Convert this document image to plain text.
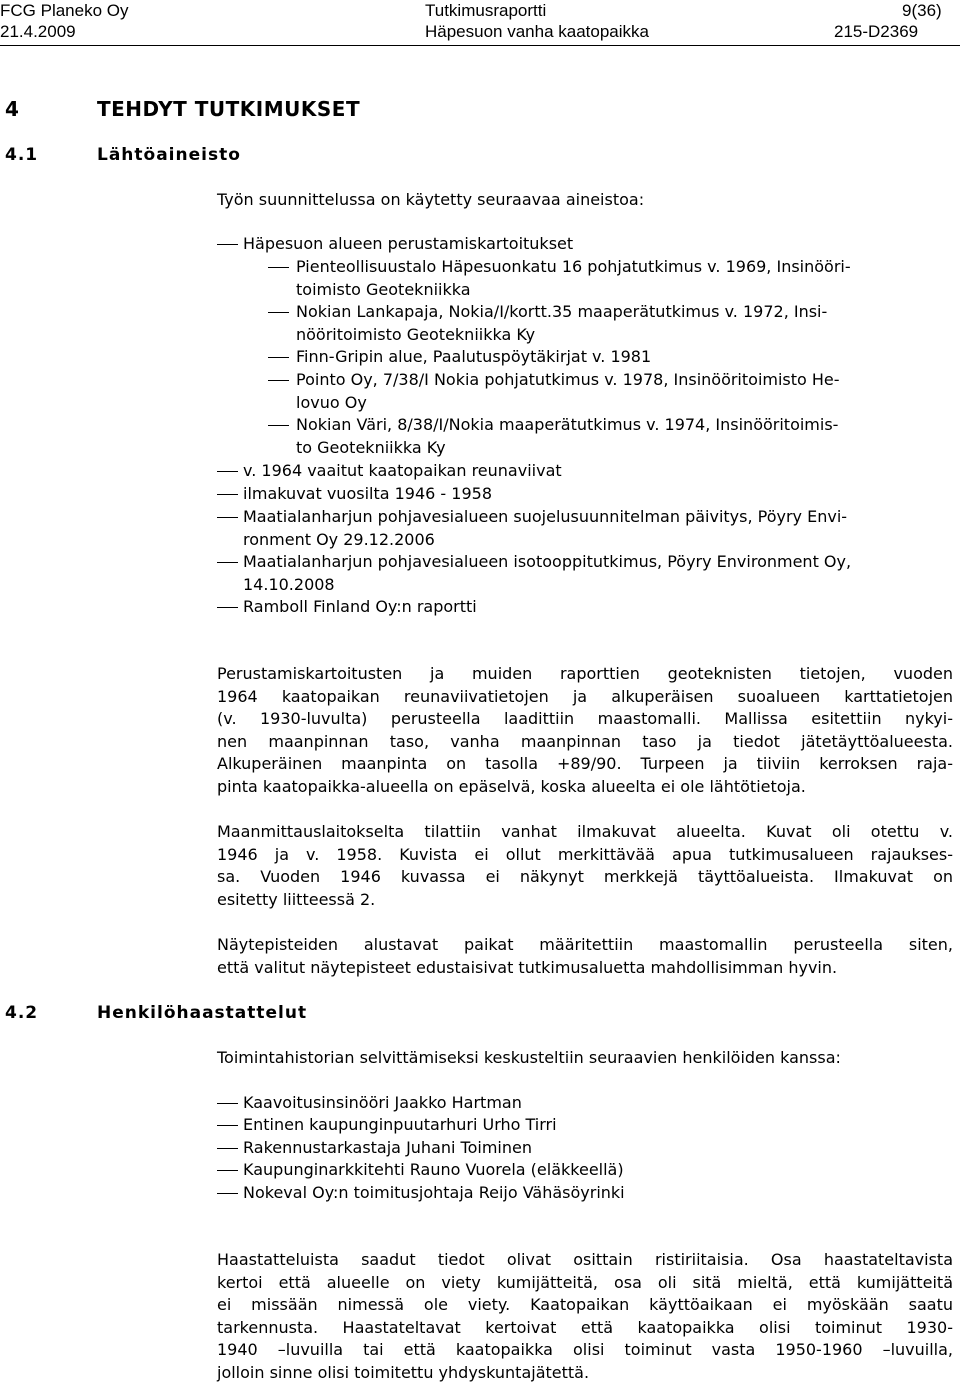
FCG Planeko Oy	Tutkimusraportti	9(36)
21.4.2009	Häpesuon vanha kaatopaikka	215-D2369
4	TEHDYT TUTKIMUKSET
4.1	Lähtöaineisto
Työn suunnittelussa on käytetty seuraavaa aineistoa:
Häpesuon alueen perustamiskartoitukset
Pienteollisuustalo Häpesuonkatu 16 pohjatutkimus v. 1969, Insinööri-
toimisto Geotekniikka
Nokian Lankapaja, Nokia/I/kortt.35 maaperätutkimus v. 1972, Insi-
nööritoimisto Geotekniikka Ky
Finn-Gripin alue, Paalutuspöytäkirjat v. 1981
Pointo Oy, 7/38/I Nokia pohjatutkimus v. 1978, Insinööritoimisto He-
lovuo Oy
Nokian Väri, 8/38/I/Nokia maaperätutkimus v. 1974, Insinööritoimis-
to Geotekniikka Ky
v. 1964 vaaitut kaatopaikan reunaviivat
ilmakuvat vuosilta 1946 - 1958
Maatialanharjun pohjavesialueen suojelusuunnitelman päivitys, Pöyry Envi-
ronment Oy 29.12.2006
Maatialanharjun pohjavesialueen isotooppitutkimus, Pöyry Environment Oy,
14.10.2008
Ramboll Finland Oy:n raportti
Perustamiskartoitusten ja muiden raporttien geoteknisten tietojen, vuoden
1964 kaatopaikan reunaviivatietojen ja alkuperäisen suoalueen karttatietojen
(v. 1930-luvulta) perusteella laadittiin maastomalli. Mallissa esitettiin nykyi-
nen maanpinnan taso, vanha maanpinnan taso ja tiedot jätetäyttöalueesta.
Alkuperäinen maanpinta on tasolla +89/90. Turpeen ja tiiviin kerroksen raja-
pinta kaatopaikka-alueella on epäselvä, koska alueelta ei ole lähtötietoja.
Maanmittauslaitokselta tilattiin vanhat ilmakuvat alueelta. Kuvat oli otettu v.
1946 ja v. 1958. Kuvista ei ollut merkittävää apua tutkimusalueen rajaukses-
sa. Vuoden 1946 kuvassa ei näkynyt merkkejä täyttöalueista. Ilmakuvat on
esitetty liitteessä 2.
Näytepisteiden alustavat paikat määritettiin maastomallin perusteella siten,
että valitut näytepisteet edustaisivat tutkimusaluetta mahdollisimman hyvin.
4.2	Henkilöhaastattelut
Toimintahistorian selvittämiseksi keskusteltiin seuraavien henkilöiden kanssa:
Kaavoitusinsinööri Jaakko Hartman
Entinen kaupunginpuutarhuri Urho Tirri
Rakennustarkastaja Juhani Toiminen
Kaupunginarkkitehti Rauno Vuorela (eläkkeellä)
Nokeval Oy:n toimitusjohtaja Reijo Vähäsöyrinki
Haastatteluista saadut tiedot olivat osittain ristiriitaisia. Osa haastateltavista
kertoi että alueelle on viety kumijätteitä, osa oli sitä mieltä, että kumijätteitä
ei missään nimessä ole viety. Kaatopaikan käyttöaikaan ei myöskään saatu
tarkennusta. Haastateltavat kertoivat että kaatopaikka olisi toiminut 1930-
1940 –luvuilla tai että kaatopaikka olisi toiminut vasta 1950-1960 –luvuilla,
jolloin sinne olisi toimitettu yhdyskuntajätettä.
